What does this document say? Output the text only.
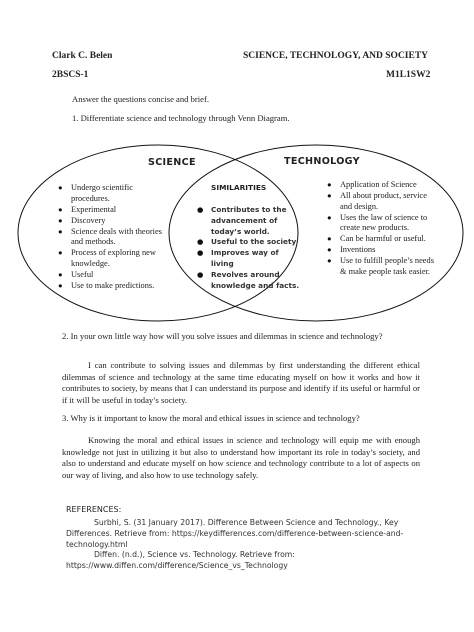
Clark C. Belen	SCIENCE, TECHNOLOGY, AND SOCIETY
2BSCS-1	M1L1SW2
Answer the questions concise and brief.
1. Differentiate science and technology through Venn Diagram.
SCIENCE	TECHNOLOGY
SIMILARITIES
● Undergo scientific procedures.
● Experimental
● Discovery
● Science deals with theories and methods.
● Process of exploring new knowledge.
● Useful
● Use to make predictions.
● Contributes to the advancement of today’s world.
● Useful to the society
● Improves way of living
● Revolves around knowledge and facts.
● Application of Science
● All about product, service and design.
● Uses the law of science to create new products.
● Can be harmful or useful.
● Inventions
● Use to fulfill people’s needs & make people task easier.
2. In your own little way how will you solve issues and dilemmas in science and technology?
I can contribute to solving issues and dilemmas by first understanding the different ethical dilemmas of science and technology at the same time educating myself on how it works and how it contributes to society, by means that I can understand its purpose and identify if its useful or harmful or if it will be useful in today’s society.
3. Why is it important to know the moral and ethical issues in science and technology?
Knowing the moral and ethical issues in science and technology will equip me with enough knowledge not just in utilizing it but also to understand how important its role in today’s society, and also to understand and educate myself on how science and technology contribute to a lot of aspects on our way of living, and also how to use technology safely.
REFERENCES:
Surbhi, S. (31 January 2017). Difference Between Science and Technology., Key Differences. Retrieve from: https://keydifferences.com/difference-between-science-and-technology.html
Diffen. (n.d.), Science vs. Technology. Retrieve from: https://www.diffen.com/difference/Science_vs_Technology
